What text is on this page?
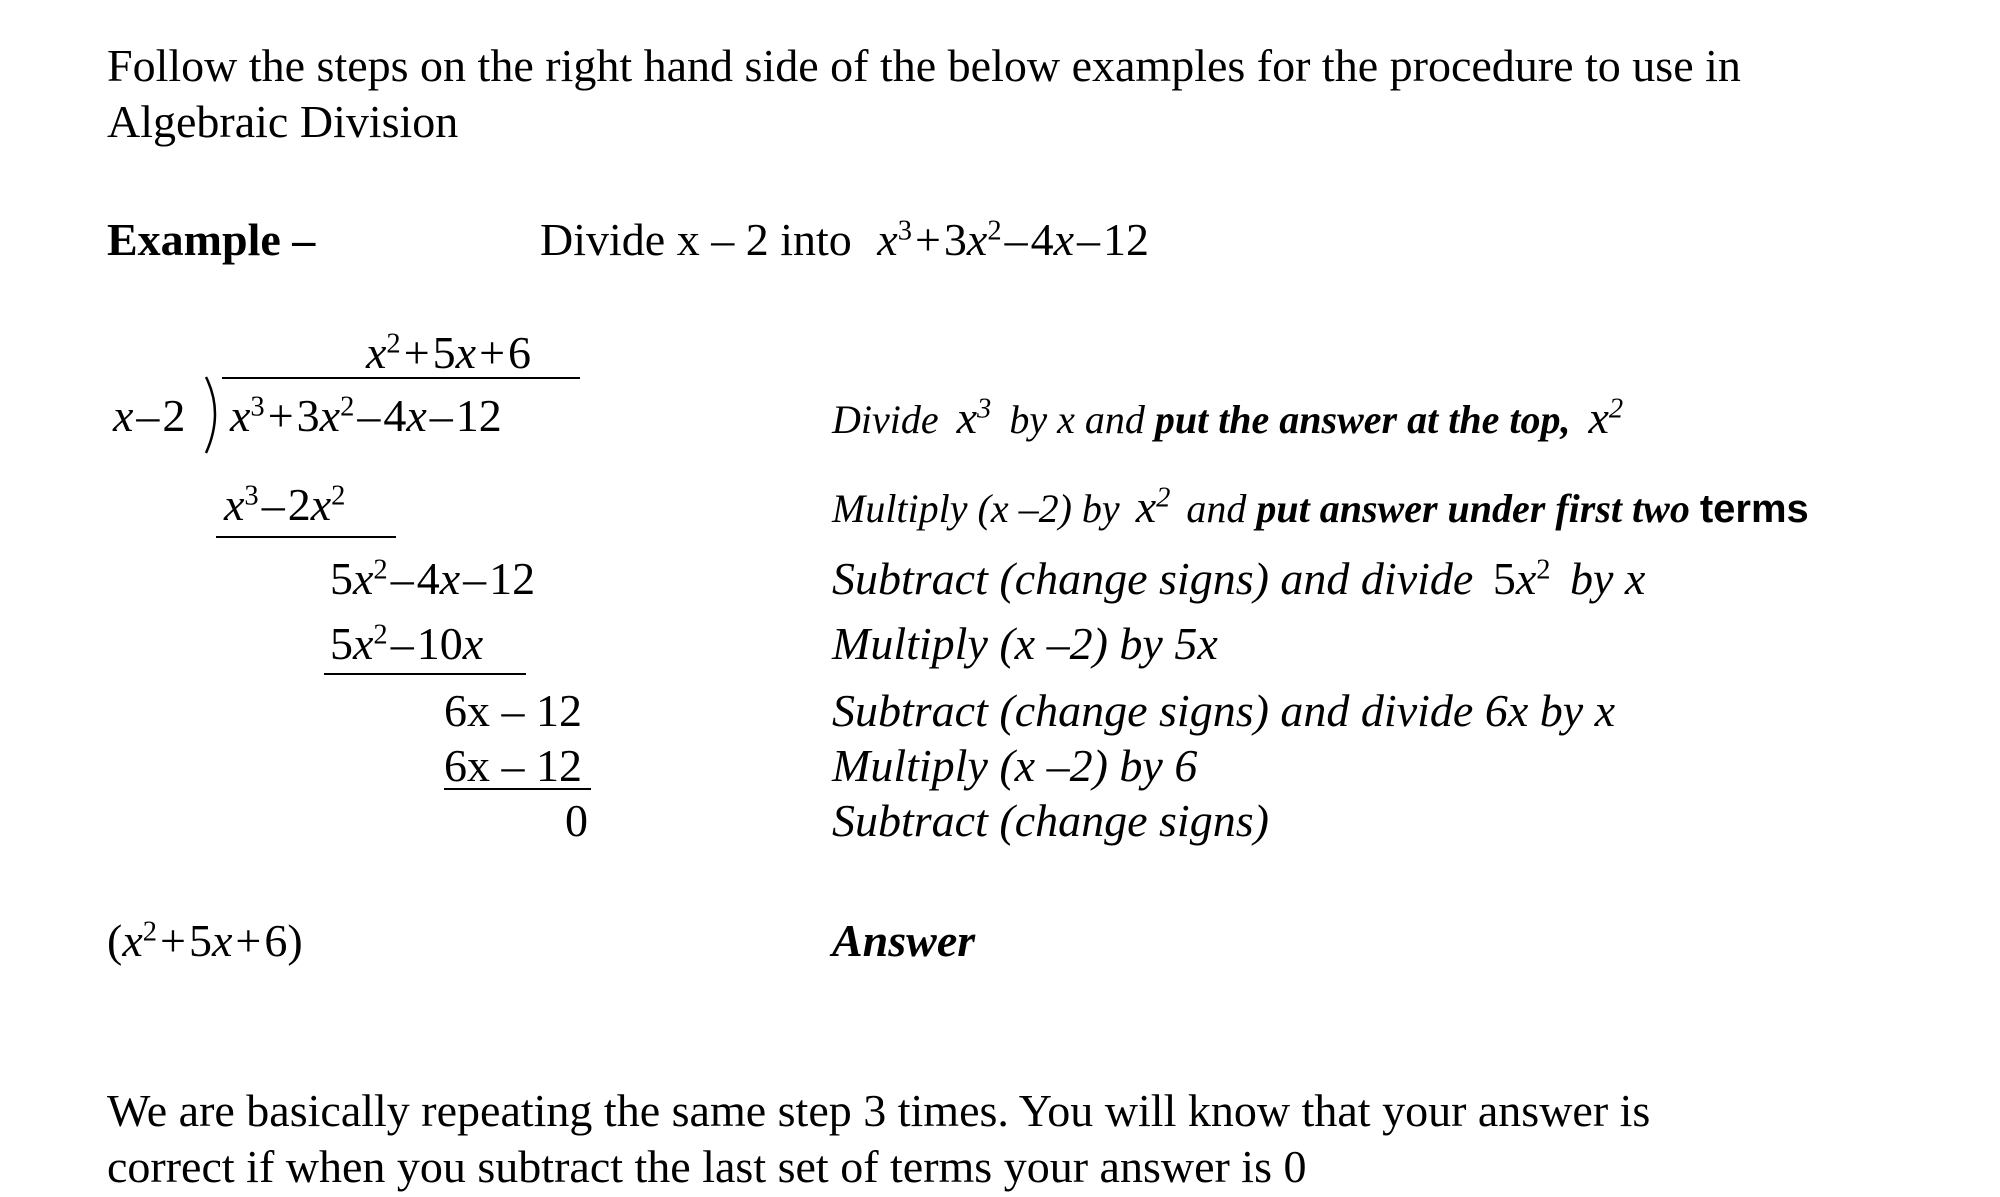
Follow the steps on the right hand side of the below examples for the procedure to use in
Algebraic Division
Example –	Divide x – 2 into $x^3+3x^2-4x-12$
$x^2+5x+6$
x–2 $x^3+3x^2-4x-12$
$x^3-2x^2$
$5x^2-4x-12$
$5x^2-10x$
6x – 12
6x – 12
0
Divide $x^3$ by x and put the answer at the top, $x^2$
Multiply (x –2) by $x^2$ and put answer under first two terms
Subtract (change signs) and divide $5x^2$ by x
Multiply (x –2) by 5x
Subtract (change signs) and divide 6x by x
Multiply (x –2) by 6
Subtract (change signs)
$(x^2+5x+6)$	Answer
We are basically repeating the same step 3 times. You will know that your answer is
correct if when you subtract the last set of terms your answer is 0
